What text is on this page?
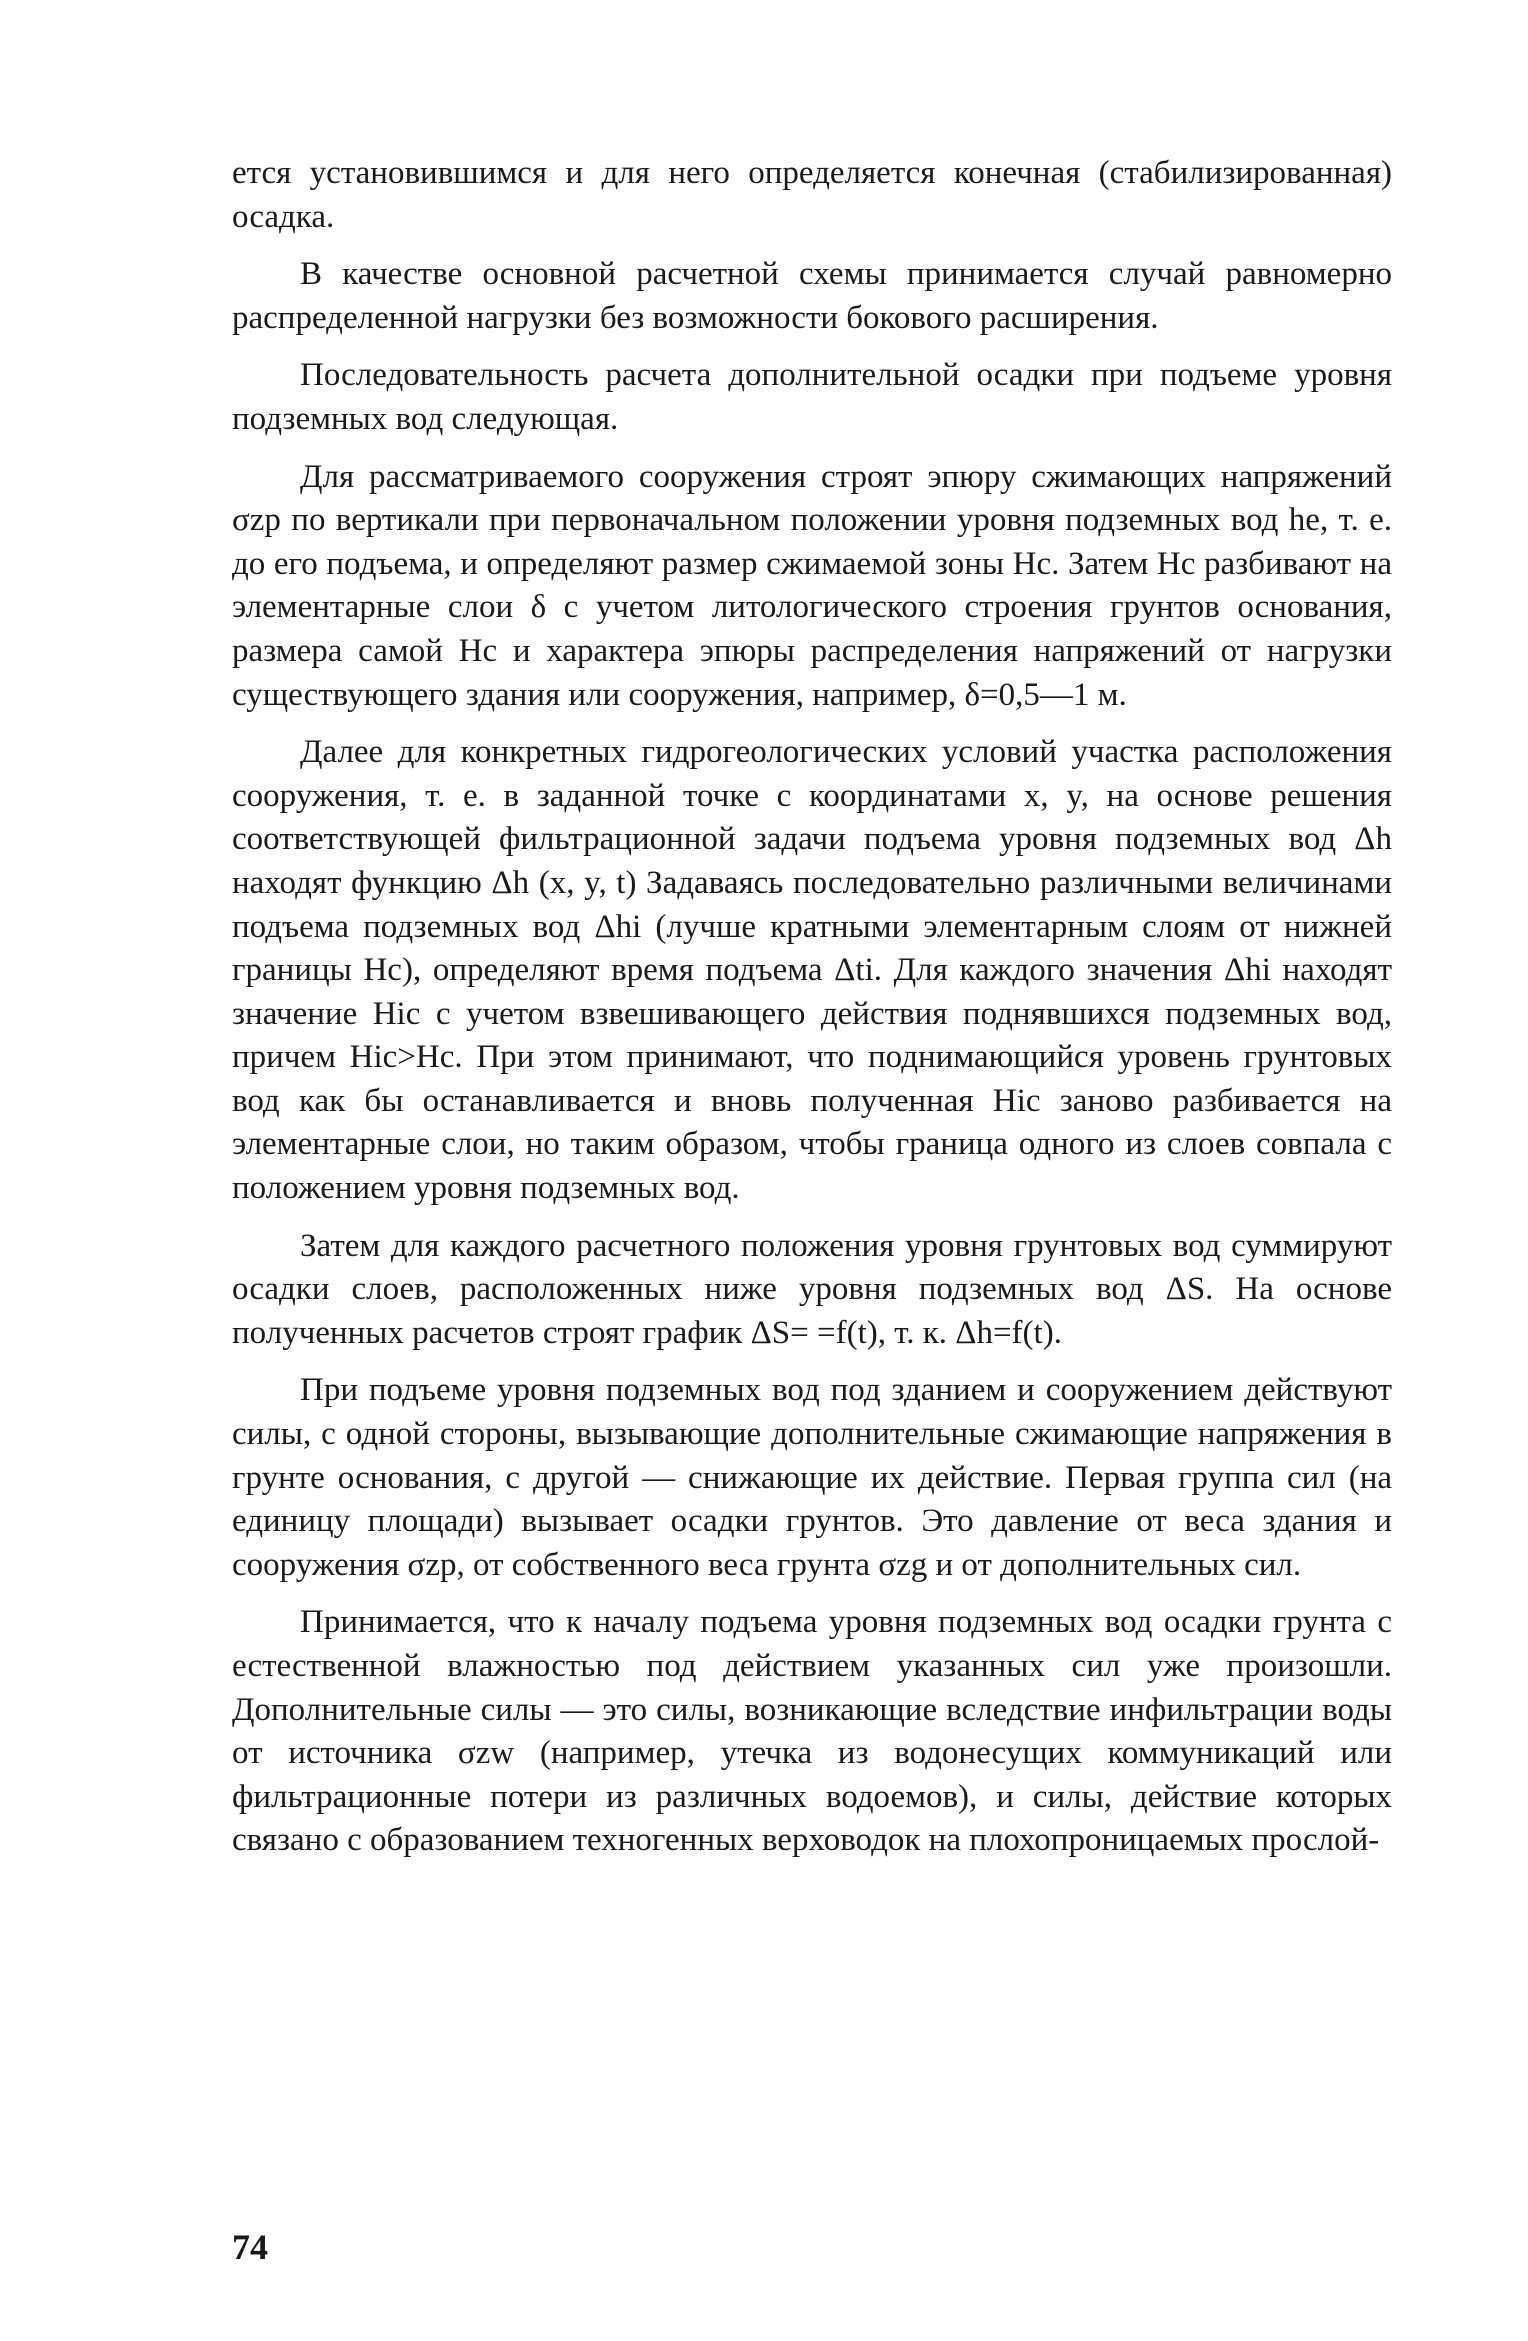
ется установившимся и для него определяется конечная (стабилизированная) осадка.

В качестве основной расчетной схемы принимается случай равномерно распределенной нагрузки без возможности бокового расширения.

Последовательность расчета дополнительной осадки при подъеме уровня подземных вод следующая.

Для рассматриваемого сооружения строят эпюру сжимающих напряжений σzp по вертикали при первоначальном положении уровня подземных вод he, т. е. до его подъема, и определяют размер сжимаемой зоны Hc. Затем Hc разбивают на элементарные слои δ с учетом литологического строения грунтов основания, размера самой Hc и характера эпюры распределения напряжений от нагрузки существующего здания или сооружения, например, δ=0,5—1 м.

Далее для конкретных гидрогеологических условий участка расположения сооружения, т. е. в заданной точке с координатами x, y, на основе решения соответствующей фильтрационной задачи подъема уровня подземных вод Δh находят функцию Δh (x, y, t) Задаваясь последовательно различными величинами подъема подземных вод Δhi (лучше кратными элементарным слоям от нижней границы Hc), определяют время подъема Δti. Для каждого значения Δhi находят значение Hic с учетом взвешивающего действия поднявшихся подземных вод, причем Hic>Hc. При этом принимают, что поднимающийся уровень грунтовых вод как бы останавливается и вновь полученная Hic заново разбивается на элементарные слои, но таким образом, чтобы граница одного из слоев совпала с положением уровня подземных вод.

Затем для каждого расчетного положения уровня грунтовых вод суммируют осадки слоев, расположенных ниже уровня подземных вод ΔS. На основе полученных расчетов строят график ΔS= =f(t), т. к. Δh=f(t).

При подъеме уровня подземных вод под зданием и сооружением действуют силы, с одной стороны, вызывающие дополнительные сжимающие напряжения в грунте основания, с другой — снижающие их действие. Первая группа сил (на единицу площади) вызывает осадки грунтов. Это давление от веса здания и сооружения σzp, от собственного веса грунта σzg и от дополнительных сил.

Принимается, что к началу подъема уровня подземных вод осадки грунта с естественной влажностью под действием указанных сил уже произошли. Дополнительные силы — это силы, возникающие вследствие инфильтрации воды от источника σzw (например, утечка из водонесущих коммуникаций или фильтрационные потери из различных водоемов), и силы, действие которых связано с образованием техногенных верховодок на плохопроницаемых прослой-

74
